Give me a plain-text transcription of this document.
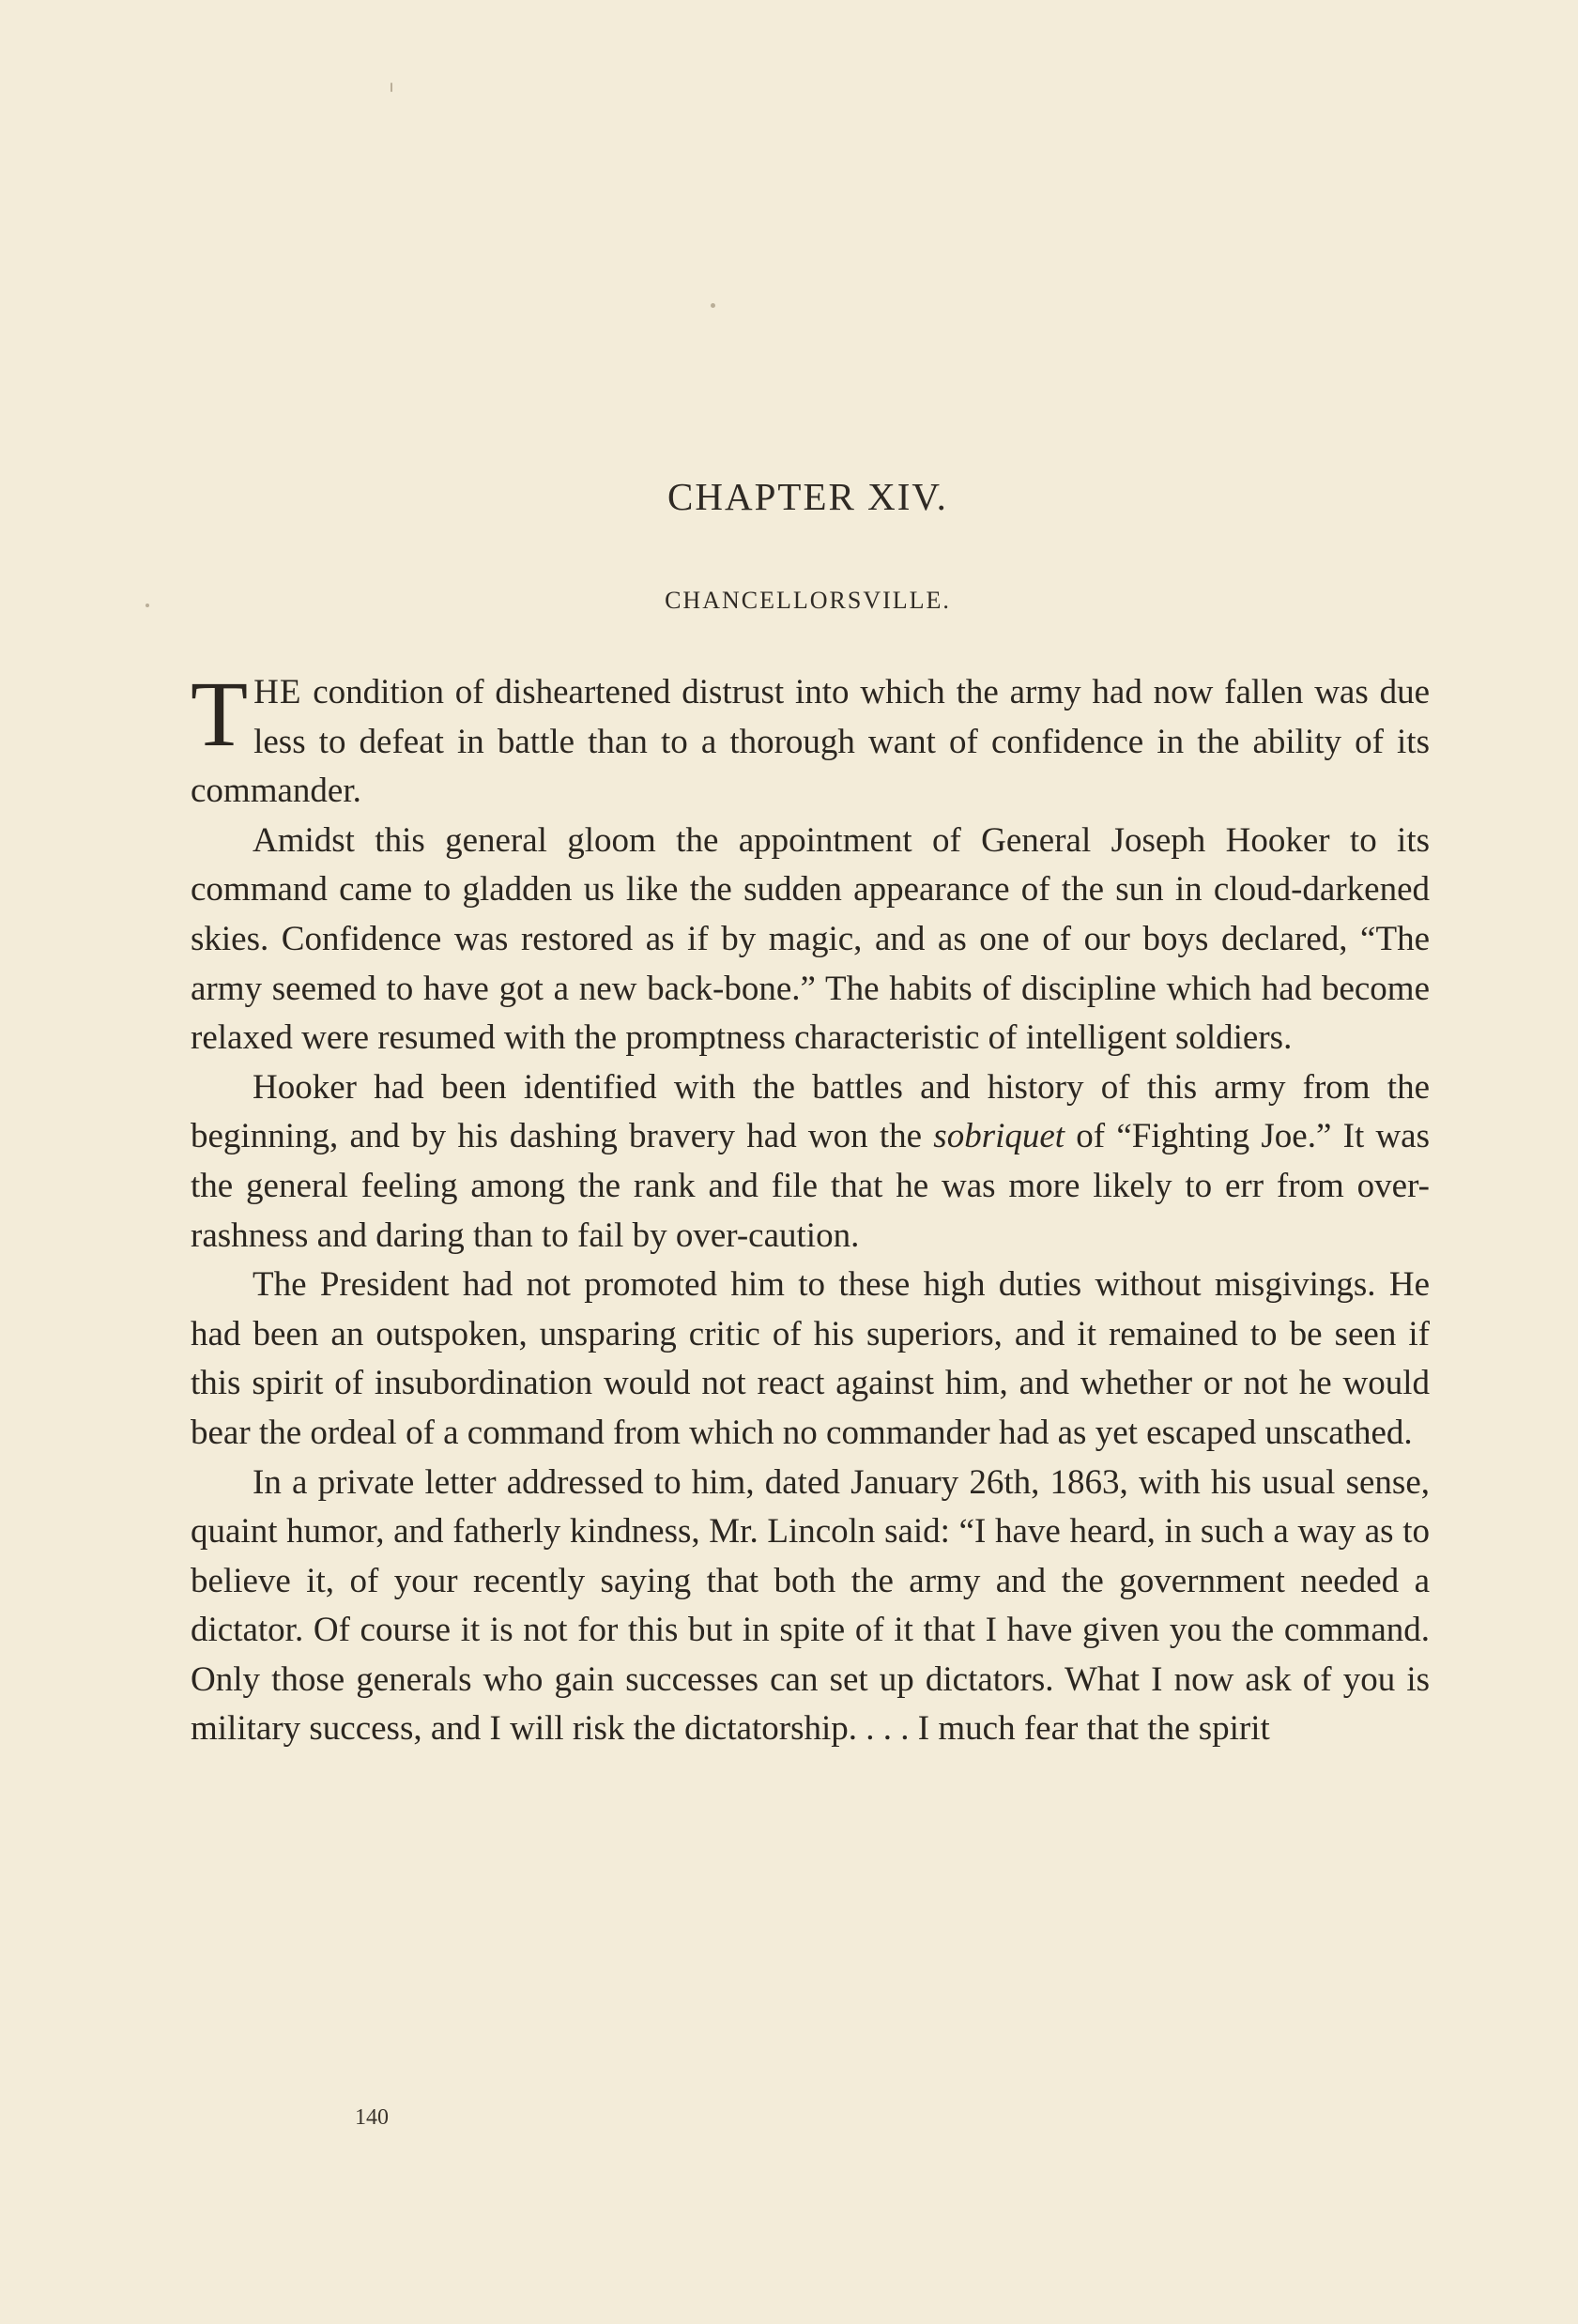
CHAPTER XIV.
CHANCELLORSVILLE.

THE condition of disheartened distrust into which the army had now fallen was due less to defeat in battle than to a thorough want of confidence in the ability of its commander.

Amidst this general gloom the appointment of General Joseph Hooker to its command came to gladden us like the sudden appearance of the sun in cloud-darkened skies. Confidence was restored as if by magic, and as one of our boys declared, “The army seemed to have got a new back-bone.” The habits of discipline which had become relaxed were resumed with the promptness characteristic of intelligent soldiers.

Hooker had been identified with the battles and history of this army from the beginning, and by his dashing bravery had won the sobriquet of “Fighting Joe.” It was the general feeling among the rank and file that he was more likely to err from over-rashness and daring than to fail by over-caution.

The President had not promoted him to these high duties without misgivings. He had been an outspoken, unsparing critic of his superiors, and it remained to be seen if this spirit of insubordination would not react against him, and whether or not he would bear the ordeal of a command from which no commander had as yet escaped unscathed.

In a private letter addressed to him, dated January 26th, 1863, with his usual sense, quaint humor, and fatherly kindness, Mr. Lincoln said: “I have heard, in such a way as to believe it, of your recently saying that both the army and the government needed a dictator. Of course it is not for this but in spite of it that I have given you the command. Only those generals who gain successes can set up dictators. What I now ask of you is military success, and I will risk the dictatorship. . . . I much fear that the spirit

140
